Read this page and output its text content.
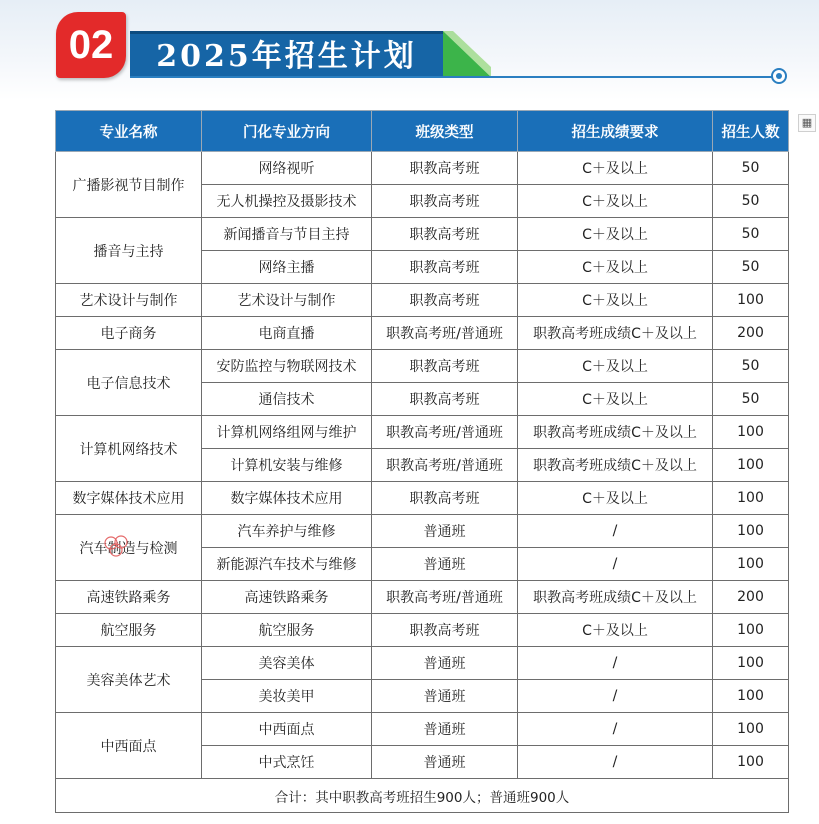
02	2025年招生计划
▦
专业名称	门化专业方向	班级类型	招生成绩要求	招生人数
广播影视节目制作	网络视听	职教高考班	C＋及以上	50
	无人机操控及摄影技术	职教高考班	C＋及以上	50
播音与主持	新闻播音与节目主持	职教高考班	C＋及以上	50
	网络主播	职教高考班	C＋及以上	50
艺术设计与制作	艺术设计与制作	职教高考班	C＋及以上	100
电子商务	电商直播	职教高考班/普通班	职教高考班成绩C＋及以上	200
电子信息技术	安防监控与物联网技术	职教高考班	C＋及以上	50
	通信技术	职教高考班	C＋及以上	50
计算机网络技术	计算机网络组网与维护	职教高考班/普通班	职教高考班成绩C＋及以上	100
	计算机安装与维修	职教高考班/普通班	职教高考班成绩C＋及以上	100
数字媒体技术应用	数字媒体技术应用	职教高考班	C＋及以上	100
汽车制造与检测	汽车养护与维修	普通班	/	100
	新能源汽车技术与维修	普通班	/	100
高速铁路乘务	高速铁路乘务	职教高考班/普通班	职教高考班成绩C＋及以上	200
航空服务	航空服务	职教高考班	C＋及以上	100
美容美体艺术	美容美体	普通班	/	100
	美妆美甲	普通班	/	100
中西面点	中西面点	普通班	/	100
	中式烹饪	普通班	/	100
合计：其中职教高考班招生900人；普通班900人				
